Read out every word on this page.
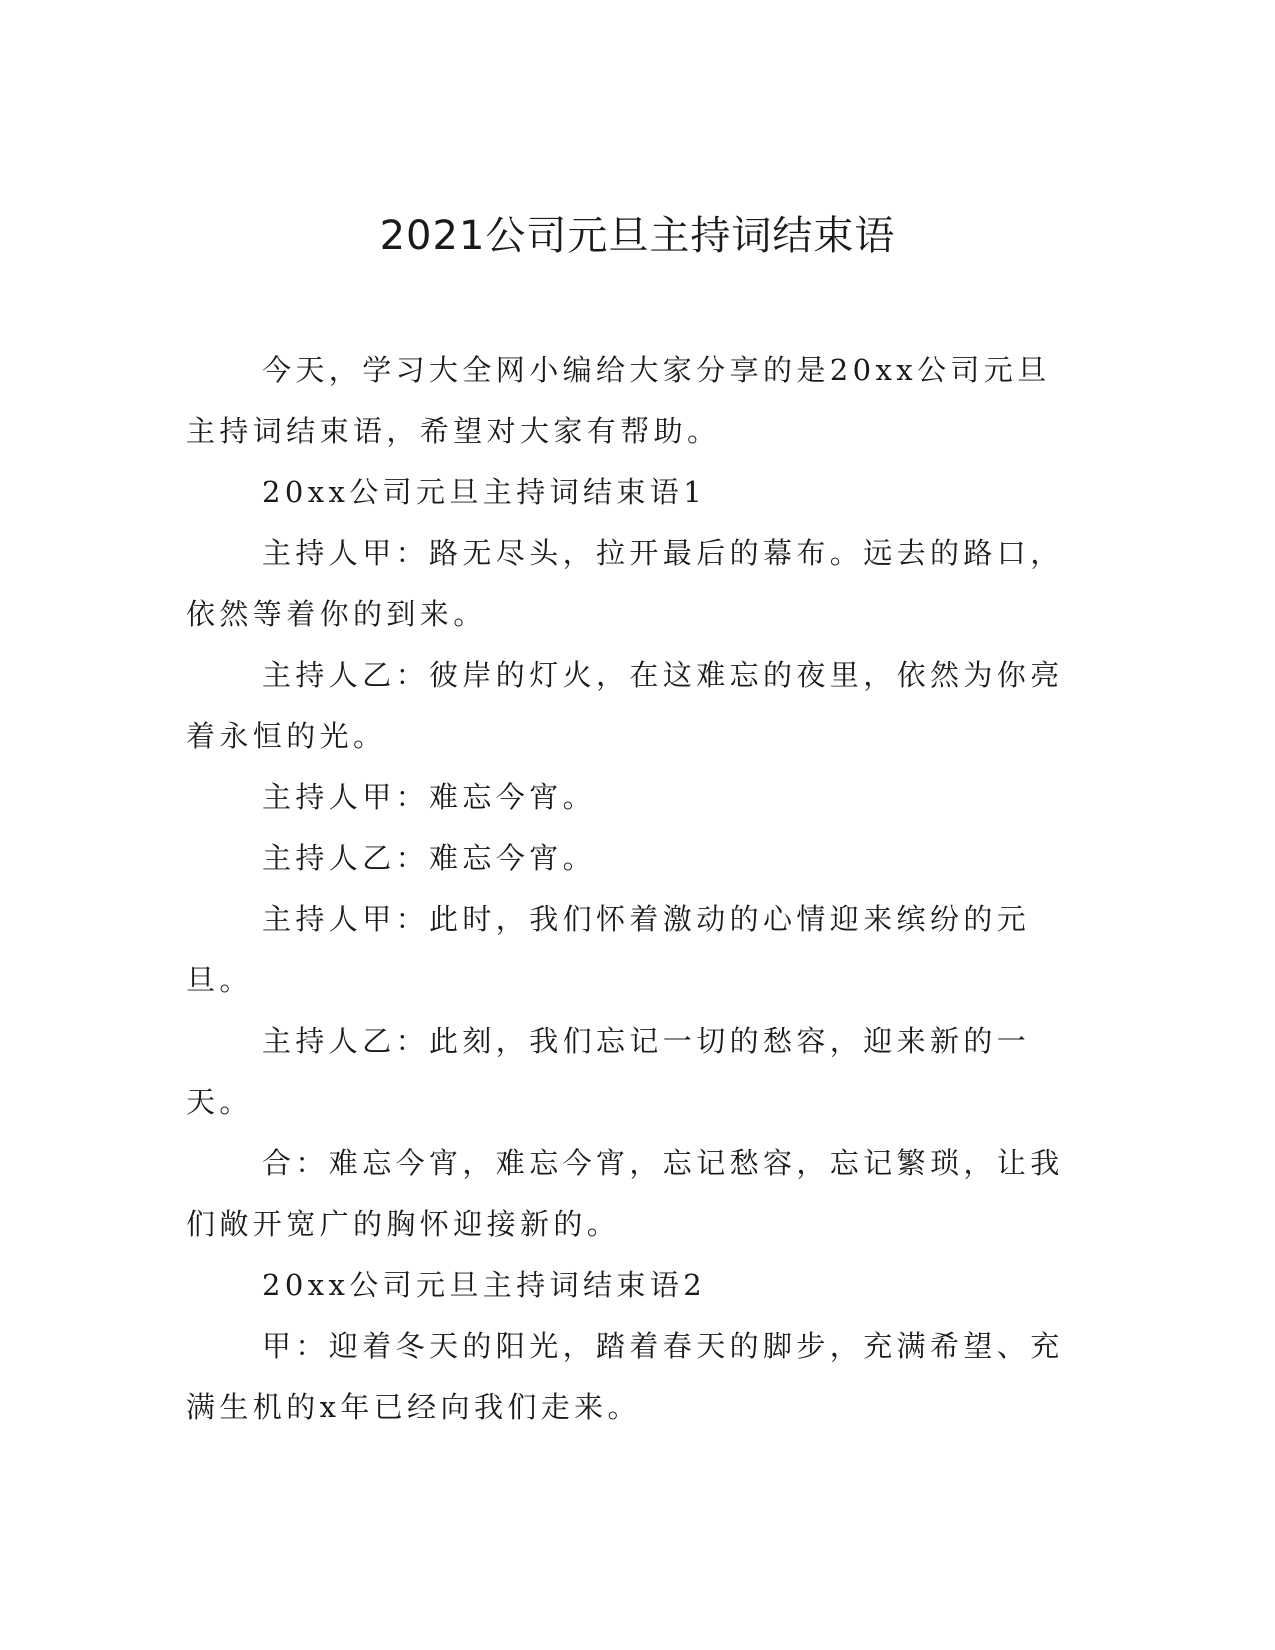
2021公司元旦主持词结束语

今天，学习大全网小编给大家分享的是20xx公司元旦主持词结束语，希望对大家有帮助。

20xx公司元旦主持词结束语1

主持人甲：路无尽头，拉开最后的幕布。远去的路口，依然等着你的到来。

主持人乙：彼岸的灯火，在这难忘的夜里，依然为你亮着永恒的光。

主持人甲：难忘今宵。

主持人乙：难忘今宵。

主持人甲：此时，我们怀着激动的心情迎来缤纷的元旦。

主持人乙：此刻，我们忘记一切的愁容，迎来新的一天。

合：难忘今宵，难忘今宵，忘记愁容，忘记繁琐，让我们敞开宽广的胸怀迎接新的。

20xx公司元旦主持词结束语2

甲：迎着冬天的阳光，踏着春天的脚步，充满希望、充满生机的x年已经向我们走来。
